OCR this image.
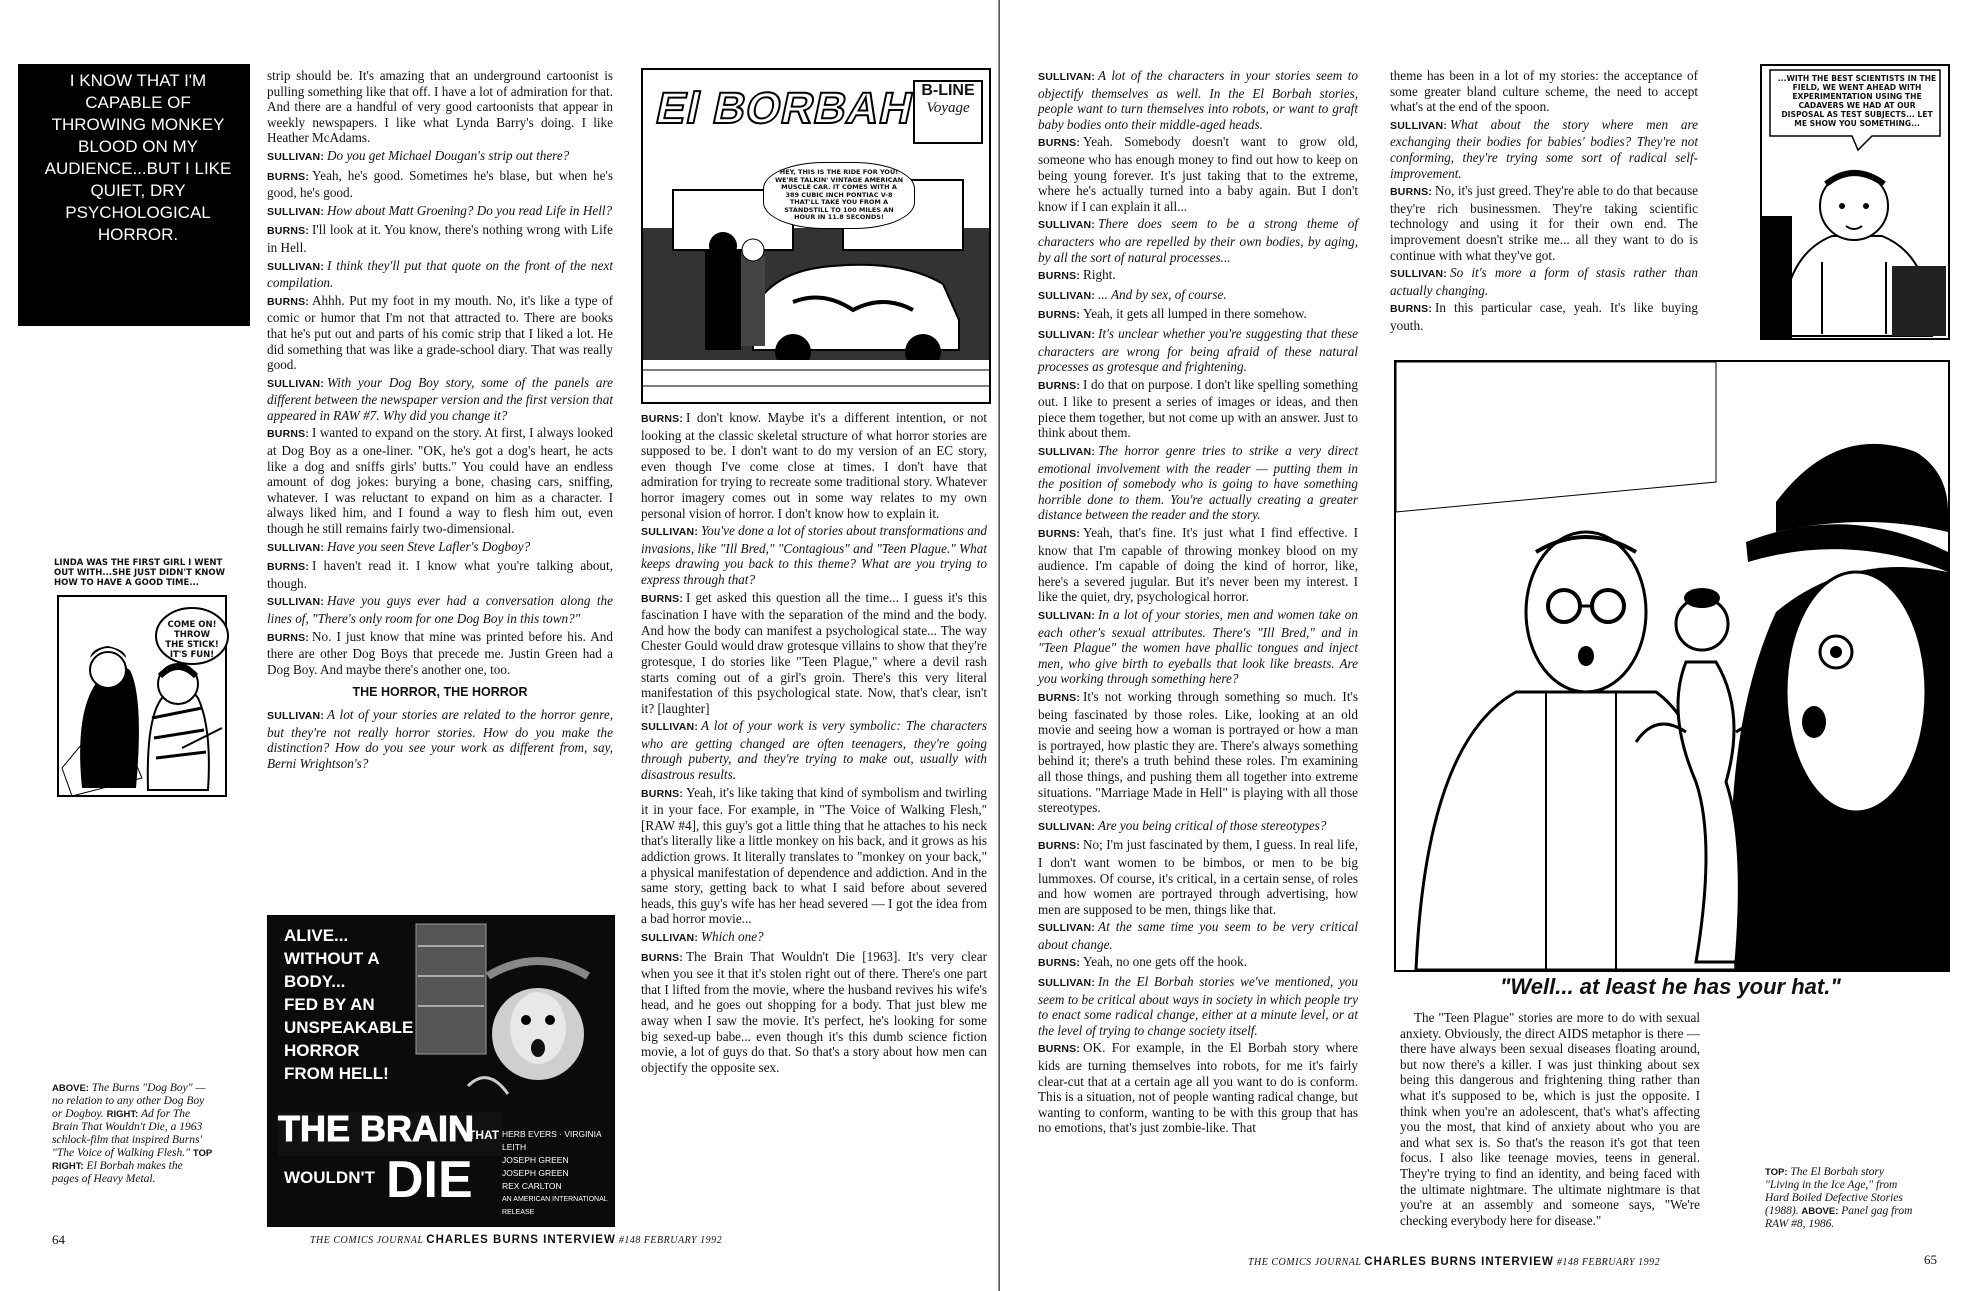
I KNOW THAT I'M CAPABLE OF THROWING MONKEY BLOOD ON MY AUDIENCE...BUT I LIKE QUIET, DRY PSYCHOLOGICAL HORROR.
LINDA WAS THE FIRST GIRL I WENT OUT WITH...SHE JUST DIDN'T KNOW HOW TO HAVE A GOOD TIME...
COME ON! THROW THE STICK! IT'S FUN!
ABOVE: The Burns "Dog Boy" — no relation to any other Dog Boy or Dogboy. RIGHT: Ad for The Brain That Wouldn't Die, a 1963 schlock-film that inspired Burns' "The Voice of Walking Flesh." TOP RIGHT: El Borbah makes the pages of Heavy Metal.
64

strip should be. It's amazing that an underground cartoonist is pulling something like that off. I have a lot of admiration for that. And there are a handful of very good cartoonists that appear in weekly newspapers. I like what Lynda Barry's doing. I like Heather McAdams.

SULLIVAN: Do you get Michael Dougan's strip out there?

BURNS: Yeah, he's good. Sometimes he's blase, but when he's good, he's good.

SULLIVAN: How about Matt Groening? Do you read Life in Hell?

BURNS: I'll look at it. You know, there's nothing wrong with Life in Hell.

SULLIVAN: I think they'll put that quote on the front of the next compilation.

BURNS: Ahhh. Put my foot in my mouth. No, it's like a type of comic or humor that I'm not that attracted to. There are books that he's put out and parts of his comic strip that I liked a lot. He did something that was like a grade-school diary. That was really good.

SULLIVAN: With your Dog Boy story, some of the panels are different between the newspaper version and the first version that appeared in RAW #7. Why did you change it?

BURNS: I wanted to expand on the story. At first, I always looked at Dog Boy as a one-liner. "OK, he's got a dog's heart, he acts like a dog and sniffs girls' butts." You could have an endless amount of dog jokes: burying a bone, chasing cars, sniffing, whatever. I was reluctant to expand on him as a character. I always liked him, and I found a way to flesh him out, even though he still remains fairly two-dimensional.

SULLIVAN: Have you seen Steve Lafler's Dogboy?

BURNS: I haven't read it. I know what you're talking about, though.

SULLIVAN: Have you guys ever had a conversation along the lines of, "There's only room for one Dog Boy in this town?"

BURNS: No. I just know that mine was printed before his. And there are other Dog Boys that precede me. Justin Green had a Dog Boy. And maybe there's another one, too.

THE HORROR, THE HORROR

SULLIVAN: A lot of your stories are related to the horror genre, but they're not really horror stories. How do you make the distinction? How do you see your work as different from, say, Berni Wrightson's?

ALIVE...
WITHOUT A
BODY...
FED BY AN
UNSPEAKABLE
HORROR
FROM HELL!
THE BRAIN
THAT
WOULDN'T DIE
HERB EVERS · VIRGINIA LEITH
JOSEPH GREEN
JOSEPH GREEN
REX CARLTON
AN AMERICAN INTERNATIONAL RELEASE
El BORBAH B-LINE
Voyage
HEY, THIS IS THE RIDE FOR YOU! WE'RE TALKIN' VINTAGE AMERICAN MUSCLE CAR. IT COMES WITH A 389 CUBIC INCH PONTIAC V-8 THAT'LL TAKE YOU FROM A STANDSTILL TO 100 MILES AN HOUR IN 11.8 SECONDS!

BURNS: I don't know. Maybe it's a different intention, or not looking at the classic skeletal structure of what horror stories are supposed to be. I don't want to do my version of an EC story, even though I've come close at times. I don't have that admiration for trying to recreate some traditional story. Whatever horror imagery comes out in some way relates to my own personal vision of horror. I don't know how to explain it.

SULLIVAN: You've done a lot of stories about transformations and invasions, like "Ill Bred," "Contagious" and "Teen Plague." What keeps drawing you back to this theme? What are you trying to express through that?

BURNS: I get asked this question all the time... I guess it's this fascination I have with the separation of the mind and the body. And how the body can manifest a psychological state... The way Chester Gould would draw grotesque villains to show that they're grotesque, I do stories like "Teen Plague," where a devil rash starts coming out of a girl's groin. There's this very literal manifestation of this psychological state. Now, that's clear, isn't it? [laughter]

SULLIVAN: A lot of your work is very symbolic: The characters who are getting changed are often teenagers, they're going through puberty, and they're trying to make out, usually with disastrous results.

BURNS: Yeah, it's like taking that kind of symbolism and twirling it in your face. For example, in "The Voice of Walking Flesh," [RAW #4], this guy's got a little thing that he attaches to his neck that's literally like a little monkey on his back, and it grows as his addiction grows. It literally translates to "monkey on your back," a physical manifestation of dependence and addiction. And in the same story, getting back to what I said before about severed heads, this guy's wife has her head severed — I got the idea from a bad horror movie...

SULLIVAN: Which one?

BURNS: The Brain That Wouldn't Die [1963]. It's very clear when you see it that it's stolen right out of there. There's one part that I lifted from the movie, where the husband revives his wife's head, and he goes out shopping for a body. That just blew me away when I saw the movie. It's perfect, he's looking for some big sexed-up babe... even though it's this dumb science fiction movie, a lot of guys do that. So that's a story about how men can objectify the opposite sex.

THE COMICS JOURNAL CHARLES BURNS INTERVIEW #148 FEBRUARY 1992

SULLIVAN: A lot of the characters in your stories seem to objectify themselves as well. In the El Borbah stories, people want to turn themselves into robots, or want to graft baby bodies onto their middle-aged heads.

BURNS: Yeah. Somebody doesn't want to grow old, someone who has enough money to find out how to keep on being young forever. It's just taking that to the extreme, where he's actually turned into a baby again. But I don't know if I can explain it all...

SULLIVAN: There does seem to be a strong theme of characters who are repelled by their own bodies, by aging, by all the sort of natural processes...

BURNS: Right.

SULLIVAN: ... And by sex, of course.

BURNS: Yeah, it gets all lumped in there somehow.

SULLIVAN: It's unclear whether you're suggesting that these characters are wrong for being afraid of these natural processes as grotesque and frightening.

BURNS: I do that on purpose. I don't like spelling something out. I like to present a series of images or ideas, and then piece them together, but not come up with an answer. Just to think about them.

SULLIVAN: The horror genre tries to strike a very direct emotional involvement with the reader — putting them in the position of somebody who is going to have something horrible done to them. You're actually creating a greater distance between the reader and the story.

BURNS: Yeah, that's fine. It's just what I find effective. I know that I'm capable of throwing monkey blood on my audience. I'm capable of doing the kind of horror, like, here's a severed jugular. But it's never been my interest. I like the quiet, dry, psychological horror.

SULLIVAN: In a lot of your stories, men and women take on each other's sexual attributes. There's "Ill Bred," and in "Teen Plague" the women have phallic tongues and inject men, who give birth to eyeballs that look like breasts. Are you working through something here?

BURNS: It's not working through something so much. It's being fascinated by those roles. Like, looking at an old movie and seeing how a woman is portrayed or how a man is portrayed, how plastic they are. There's always something behind it; there's a truth behind these roles. I'm examining all those things, and pushing them all together into extreme situations. "Marriage Made in Hell" is playing with all those stereotypes.

SULLIVAN: Are you being critical of those stereotypes?

BURNS: No; I'm just fascinated by them, I guess. In real life, I don't want women to be bimbos, or men to be big lummoxes. Of course, it's critical, in a certain sense, of roles and how women are portrayed through advertising, how men are supposed to be men, things like that.

SULLIVAN: At the same time you seem to be very critical about change.

BURNS: Yeah, no one gets off the hook.

SULLIVAN: In the El Borbah stories we've mentioned, you seem to be critical about ways in society in which people try to enact some radical change, either at a minute level, or at the level of trying to change society itself.

BURNS: OK. For example, in the El Borbah story where kids are turning themselves into robots, for me it's fairly clear-cut that at a certain age all you want to do is conform. This is a situation, not of people wanting radical change, but wanting to conform, wanting to be with this group that has no emotions, that's just zombie-like. That

theme has been in a lot of my stories: the acceptance of some greater bland culture scheme, the need to accept what's at the end of the spoon.

SULLIVAN: What about the story where men are exchanging their bodies for babies' bodies? They're not conforming, they're trying some sort of radical self-improvement.

BURNS: No, it's just greed. They're able to do that because they're rich businessmen. They're taking scientific technology and using it for their own end. The improvement doesn't strike me... all they want to do is continue with what they've got.

SULLIVAN: So it's more a form of stasis rather than actually changing.

BURNS: In this particular case, yeah. It's like buying youth.

...WITH THE BEST SCIENTISTS IN THE FIELD, WE WENT AHEAD WITH EXPERIMENTATION USING THE CADAVERS WE HAD AT OUR DISPOSAL AS TEST SUBJECTS... LET ME SHOW YOU SOMETHING...
"Well... at least he has your hat."

The "Teen Plague" stories are more to do with sexual anxiety. Obviously, the direct AIDS metaphor is there — there have always been sexual diseases floating around, but now there's a killer. I was just thinking about sex being this dangerous and frightening thing rather than what it's supposed to be, which is just the opposite. I think when you're an adolescent, that's what's affecting you the most, that kind of anxiety about who you are and what sex is. So that's the reason it's got that teen focus. I also like teenage movies, teens in general. They're trying to find an identity, and being faced with the ultimate nightmare. The ultimate nightmare is that you're at an assembly and someone says, "We're checking everybody here for disease."

TOP: The El Borbah story "Living in the Ice Age," from Hard Boiled Defective Stories (1988). ABOVE: Panel gag from RAW #8, 1986.
THE COMICS JOURNAL CHARLES BURNS INTERVIEW #148 FEBRUARY 1992	65
